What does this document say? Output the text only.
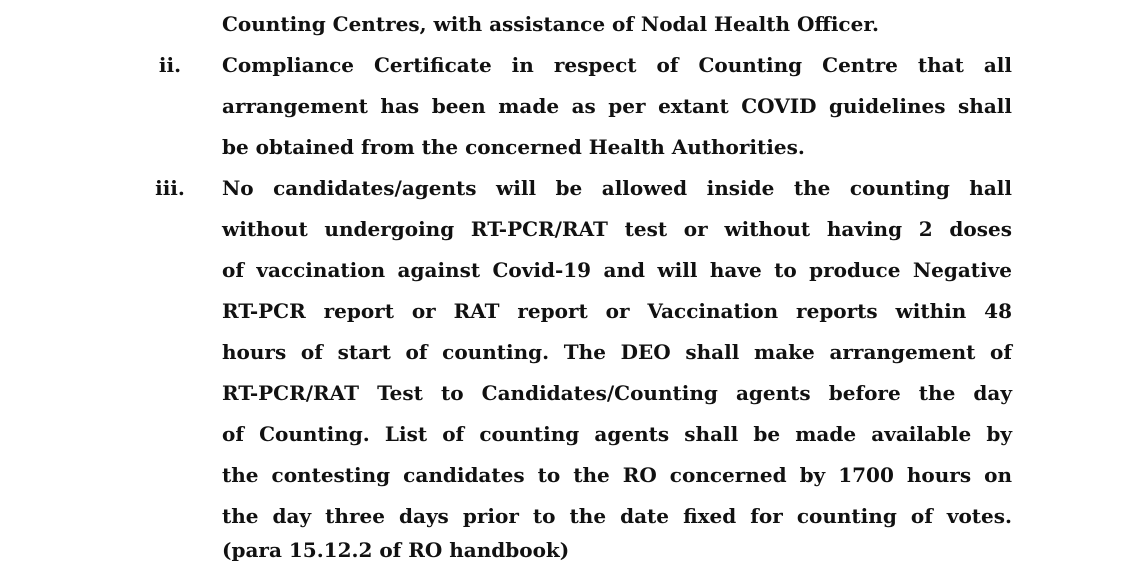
Counting Centres, with assistance of Nodal Health Officer.
ii.	Compliance Certificate in respect of Counting Centre that all
arrangement has been made as per extant COVID guidelines shall
be obtained from the concerned Health Authorities.
iii.	No candidates/agents will be allowed inside the counting hall
without undergoing RT-PCR/RAT test or without having 2 doses
of vaccination against Covid-19 and will have to produce Negative
RT-PCR report or RAT report or Vaccination reports within 48
hours of start of counting. The DEO shall make arrangement of
RT-PCR/RAT Test to Candidates/Counting agents before the day
of Counting. List of counting agents shall be made available by
the contesting candidates to the RO concerned by 1700 hours on
the day three days prior to the date fixed for counting of votes.
(para 15.12.2 of RO handbook)
